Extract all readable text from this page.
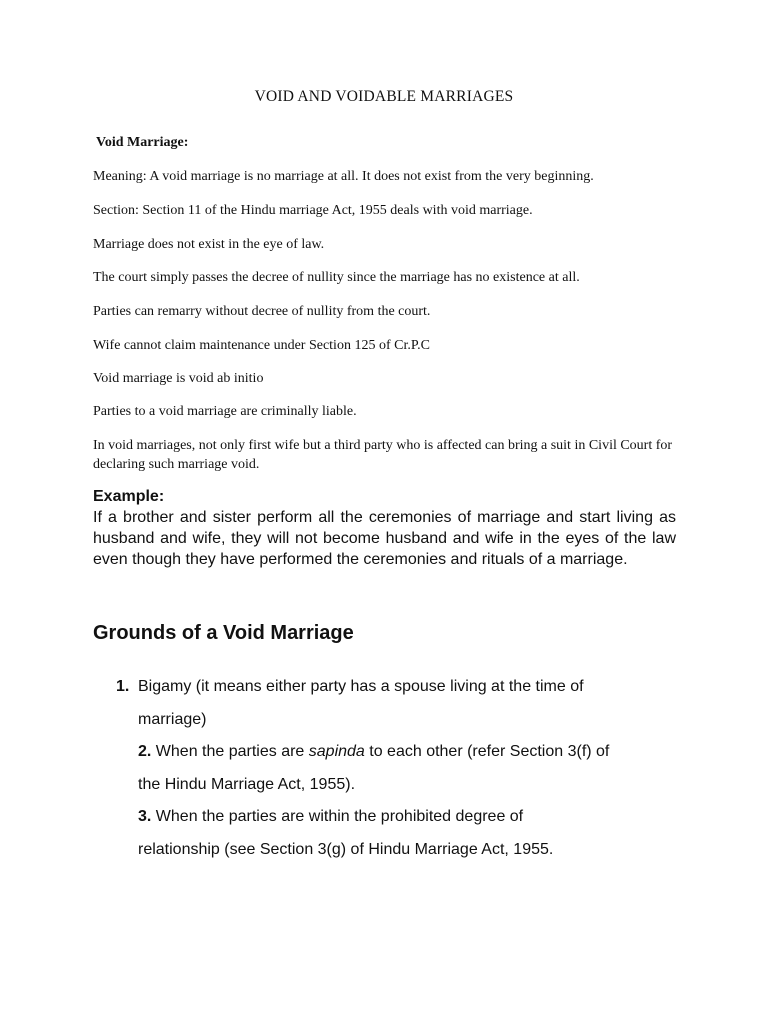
VOID AND VOIDABLE MARRIAGES
Void Marriage:
Meaning: A void marriage is no marriage at all. It does not exist from the very beginning.
Section: Section 11 of the Hindu marriage Act, 1955 deals with void marriage.
Marriage does not exist in the eye of law.
The court simply passes the decree of nullity since the marriage has no existence at all.
Parties can remarry without decree of nullity from the court.
Wife cannot claim maintenance under Section 125 of Cr.P.C
Void marriage is void ab initio
Parties to a void marriage are criminally liable.
In void marriages, not only first wife but a third party who is affected can bring a suit in Civil Court for declaring such marriage void.
Example:
If a brother and sister perform all the ceremonies of marriage and start living as husband and wife, they will not become husband and wife in the eyes of the law even though they have performed the ceremonies and rituals of a marriage.
Grounds of a Void Marriage
1. Bigamy (it means either party has a spouse living at the time of
marriage)
2. When the parties are sapinda to each other (refer Section 3(f) of
the Hindu Marriage Act, 1955).
3. When the parties are within the prohibited degree of
relationship (see Section 3(g) of Hindu Marriage Act, 1955.
